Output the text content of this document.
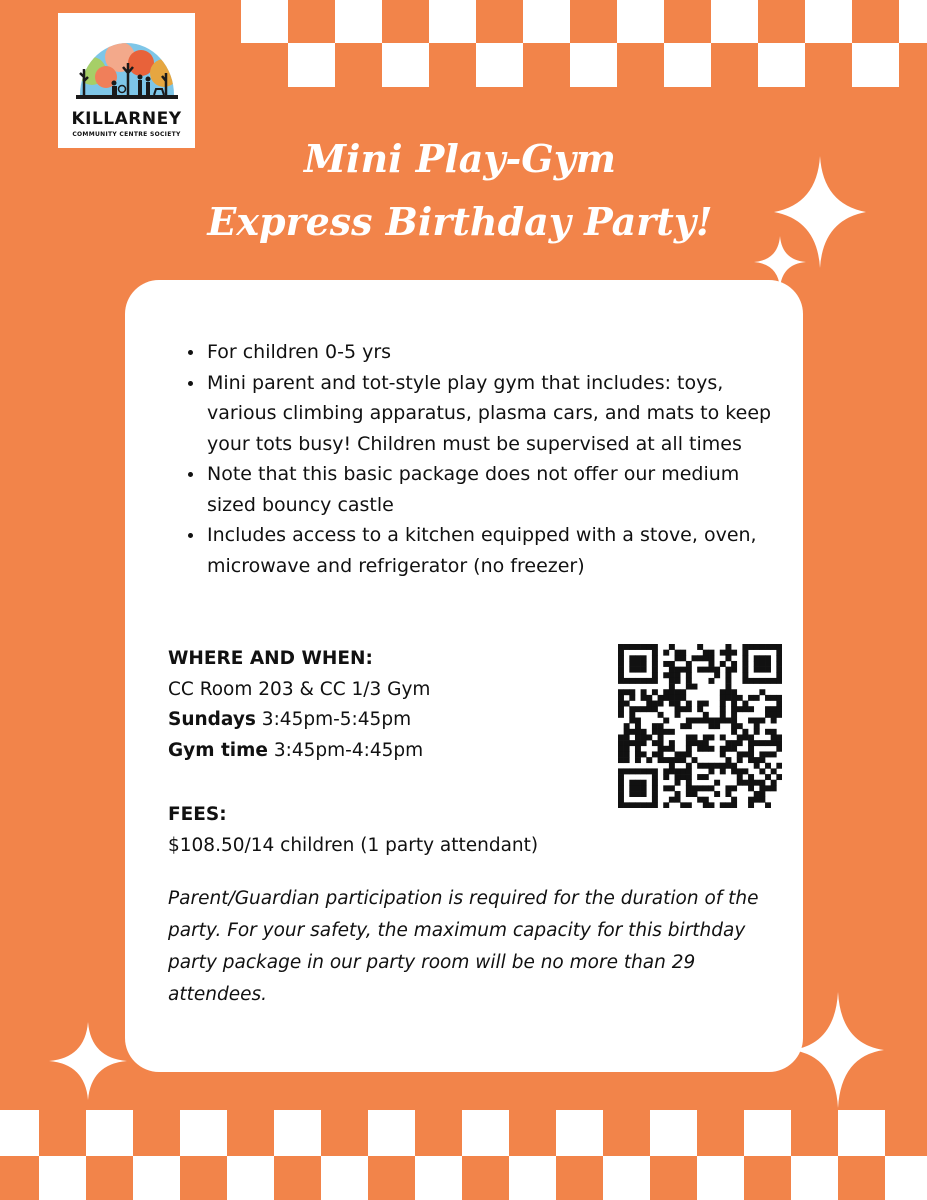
KILLARNEY
COMMUNITY CENTRE SOCIETY
Mini Play-Gym
Express Birthday Party!
• For children 0-5 yrs
• Mini parent and tot-style play gym that includes: toys, various climbing apparatus, plasma cars, and mats to keep your tots busy! Children must be supervised at all times
• Note that this basic package does not offer our medium sized bouncy castle
• Includes access to a kitchen equipped with a stove, oven, microwave and refrigerator (no freezer)
WHERE AND WHEN:
CC Room 203 & CC 1/3 Gym
Sundays 3:45pm-5:45pm
Gym time 3:45pm-4:45pm
FEES:
$108.50/14 children (1 party attendant)
Parent/Guardian participation is required for the duration of the party. For your safety, the maximum capacity for this birthday party package in our party room will be no more than 29 attendees.
